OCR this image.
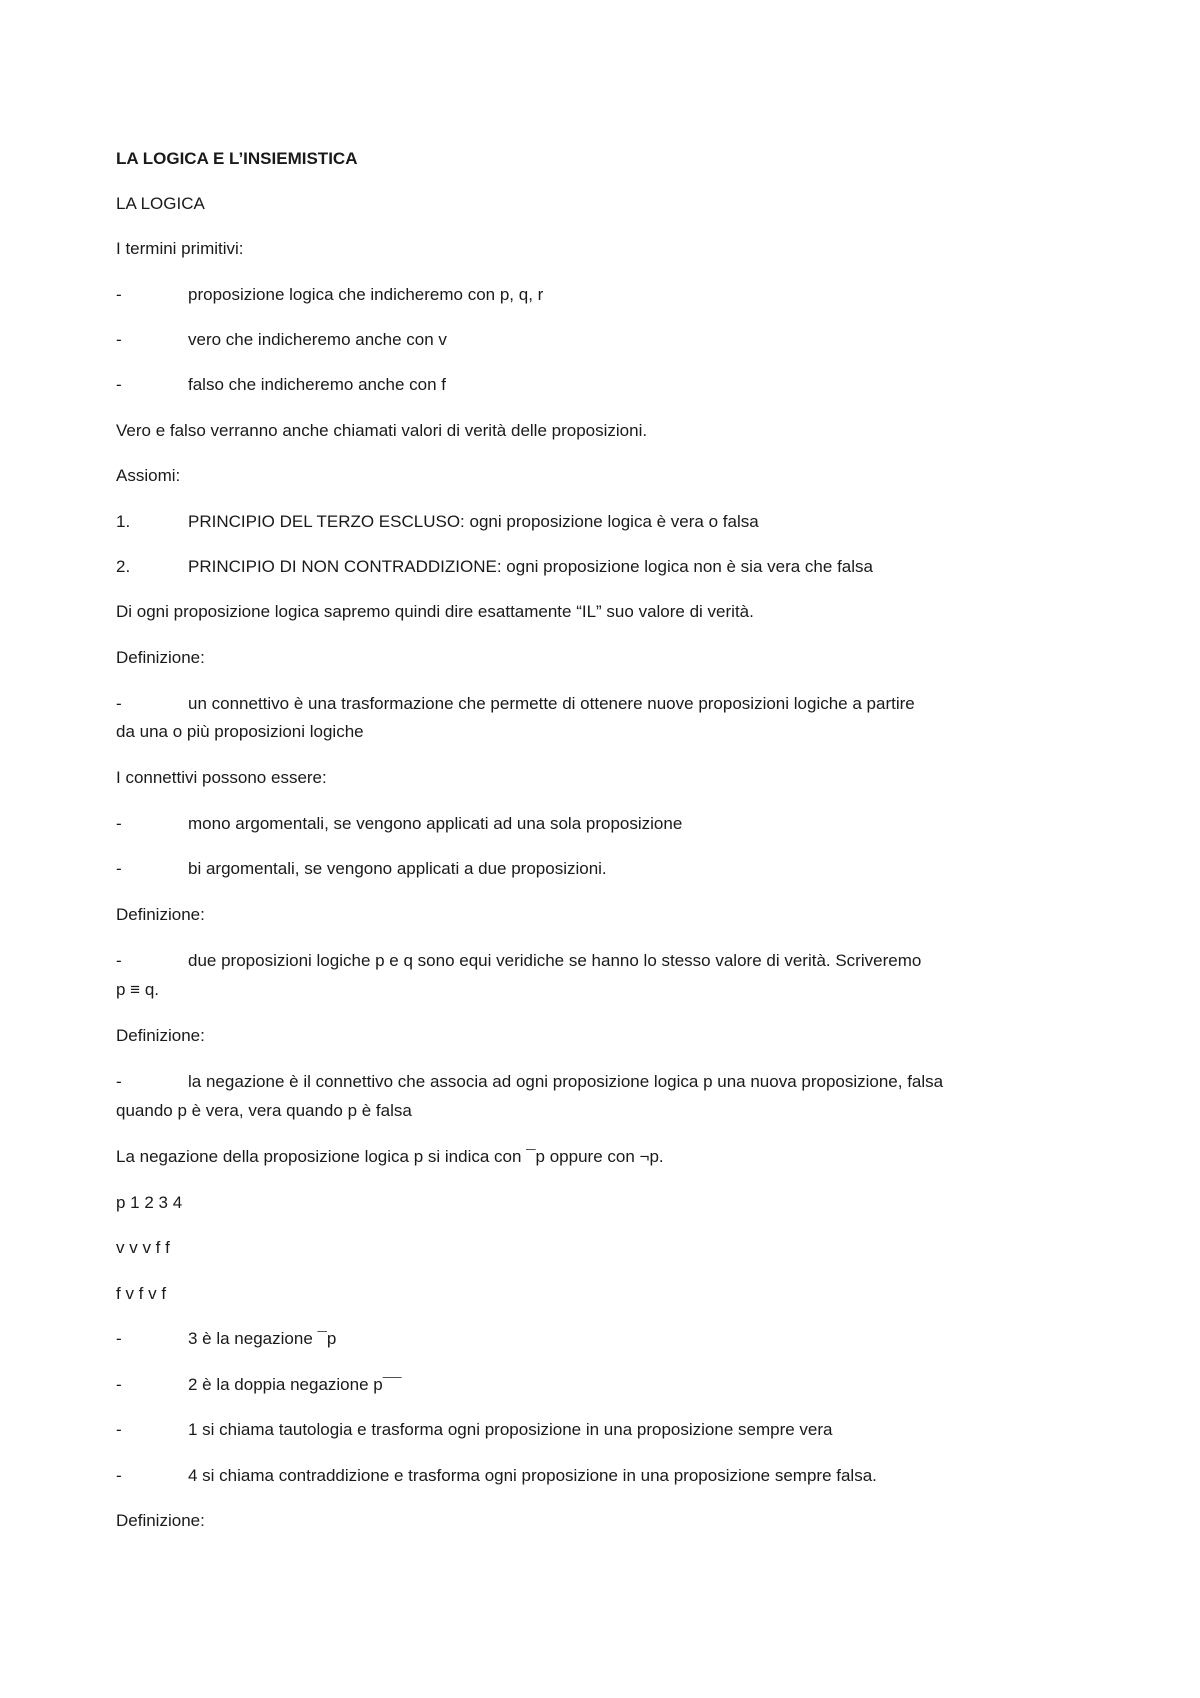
LA LOGICA E L’INSIEMISTICA
LA LOGICA
I termini primitivi:
-	proposizione logica che indicheremo con p, q, r
-	vero che indicheremo anche con v
-	falso che indicheremo anche con f
Vero e falso verranno anche chiamati valori di verità delle proposizioni.
Assiomi:
1.	PRINCIPIO DEL TERZO ESCLUSO: ogni proposizione logica è vera o falsa
2.	PRINCIPIO DI NON CONTRADDIZIONE: ogni proposizione logica non è sia vera che falsa
Di ogni proposizione logica sapremo quindi dire esattamente “IL” suo valore di verità.
Definizione:
-	un connettivo è una trasformazione che permette di ottenere nuove proposizioni logiche a partire
da una o più proposizioni logiche
I connettivi possono essere:
-	mono argomentali, se vengono applicati ad una sola proposizione
-	bi argomentali, se vengono applicati a due proposizioni.
Definizione:
-	due proposizioni logiche p e q sono equi veridiche se hanno lo stesso valore di verità. Scriveremo
p ≡ q.
Definizione:
-	la negazione è il connettivo che associa ad ogni proposizione logica p una nuova proposizione, falsa
quando p è vera, vera quando p è falsa
La negazione della proposizione logica p si indica con ¯p oppure con ¬p.
p 1 2 3 4
v v v f f
f v f v f
-	3 è la negazione ¯p
-	2 è la doppia negazione p¯¯
-	1 si chiama tautologia e trasforma ogni proposizione in una proposizione sempre vera
-	4 si chiama contraddizione e trasforma ogni proposizione in una proposizione sempre falsa.
Definizione:
